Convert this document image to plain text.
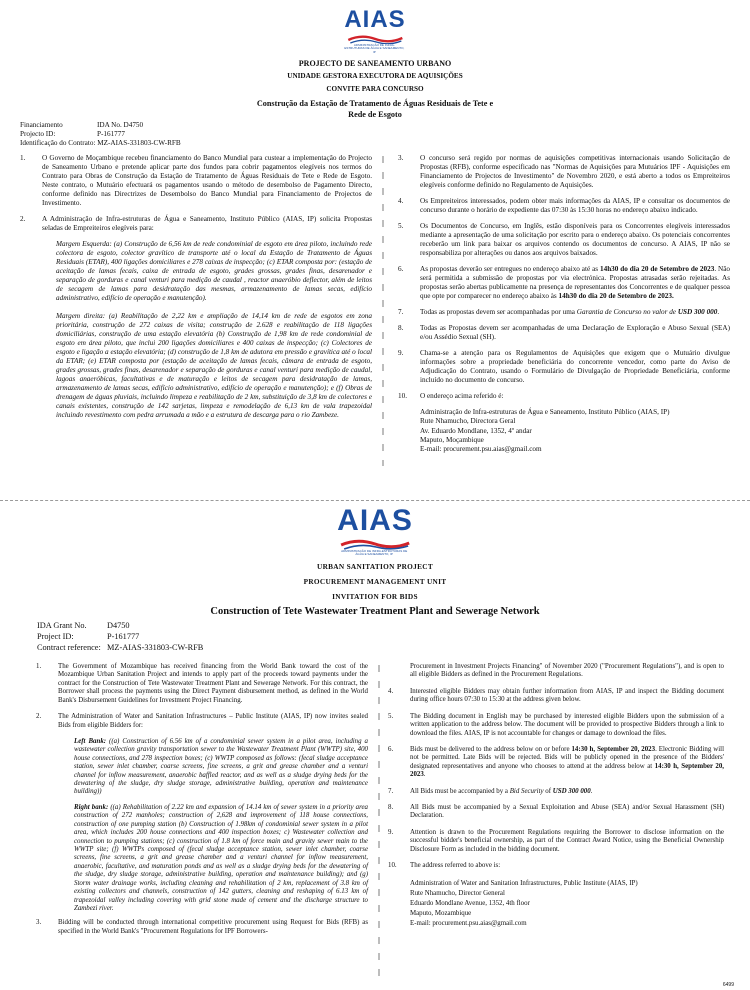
AIAS
ADMINISTRAÇÃO DE INFRA-ESTRUTURAS DE ÁGUA E SANEAMENTO, IP
PROJECTO DE SANEAMENTO URBANO
UNIDADE GESTORA EXECUTORA DE AQUISIÇÕES
CONVITE PARA CONCURSO
Construção da Estação de Tratamento de Águas Residuais de Tete e
Rede de Esgoto
Financiamento	IDA No. D4750
Projecto ID:	P-161777
Identificação do Contrato: MZ-AIAS-331803-CW-RFB
1.	O Governo de Moçambique recebeu financiamento do Banco Mundial para custear a implementação do Projecto de Saneamento Urbano e pretende aplicar parte dos fundos para cobrir pagamentos elegíveis nos termos do Contrato para Obras de Construção da Estação de Tratamento de Águas Residuais de Tete e Rede de Esgoto. Neste contrato, o Mutuário efectuará os pagamentos usando o método de desembolso de Pagamento Directo, conforme definido nas Directrizes de Desembolso do Banco Mundial para Financiamento de Projectos de Investimento.
2.	A Administração de Infra-estruturas de Água e Saneamento, Instituto Público (AIAS, IP) solicita Propostas seladas de Empreiteiros elegíveis para:
Margem Esquerda: (a) Construção de 6,56 km de rede condominial de esgoto em área piloto, incluindo rede colectora de esgoto, colector gravítico de transporte até o local da Estação de Tratamento de Águas Residuais (ETAR), 400 ligações domiciliares e 278 caixas de inspecção; (c) ETAR composta por: (estação de aceitação de lamas fecais, caixa de entrada de esgoto, grades grossas, grades finas, desarenador e separação de gorduras e canal venturi para medição de caudal , reactor anaeróbio deflector, além de leitos de secagem de lamas para desidratação das mesmas, armazenamento de lamas secas, edifício administrativo, edifício de operação e manutenção).
Margem direita: (a) Reabilitação de 2,22 km e ampliação de 14,14 km de rede de esgotos em zona prioritária, construção de 272 caixas de visita; construção de 2.628 e reabilitação de 118 ligações domiciliárias, construção de uma estação elevatória (b) Construção de 1,98 km de rede condominial de esgoto em área piloto, que inclui 200 ligações domiciliares e 400 caixas de inspecção; (c) Colectores de esgoto e ligação a estação elevatória; (d) construção de 1,8 km de adutora em pressão e gravítica até o local da ETAR; (e) ETAR composta por (estação de aceitação de lamas fecais, câmara de entrada de esgoto, grades grossas, grades finas, desarenador e separação de gorduras e canal venturi para medição de caudal, lagoas anaeróbicas, facultativas e de maturação e leitos de secagem para desidratação de lamas, armazenamento de lamas secas, edifício administrativo, edifício de operação e manutenção); e (f) Obras de drenagem de águas pluviais, incluindo limpeza e reabilitação de 2 km, substituição de 3,8 km de colectores e canais existentes, construção de 142 sarjetas, limpeza e remodelação de 6,13 km de vala trapezoidal incluindo revestimento com pedra arrumada a mão e a estrutura de descarga para o rio Zambeze.
3.	O concurso será regido por normas de aquisições competitivas internacionais usando Solicitação de Propostas (RFB), conforme especificado nas "Normas de Aquisições para Mutuários IPF - Aquisições em Financiamento de Projectos de Investimento" de Novembro 2020, e está aberto a todos os Empreiteiros elegíveis conforme definido no Regulamento de Aquisições.
4.	Os Empreiteiros interessados, podem obter mais informações da AIAS, IP e consultar os documentos de concurso durante o horário de expediente das 07:30 às 15:30 horas no endereço abaixo indicado.
5.	Os Documentos de Concurso, em Inglês, estão disponíveis para os Concorrentes elegíveis interessados mediante a apresentação de uma solicitação por escrito para o endereço abaixo. Os potenciais concorrentes receberão um link para baixar os arquivos contendo os documentos de concurso. A AIAS, IP não se responsabiliza por alterações ou danos aos arquivos baixados.
6.	As propostas deverão ser entregues no endereço abaixo até as 14h30 do dia 20 de Setembro de 2023. Não será permitida a submissão de propostas por via electrónica. Propostas atrasadas serão rejeitadas. As propostas serão abertas publicamente na presença de representantes dos Concorrentes e de qualquer pessoa que opte por comparecer no endereço abaixo às 14h30 do dia 20 de Setembro de 2023.
7.	Todas as propostas devem ser acompanhadas por uma Garantia de Concurso no valor de USD 300 000.
8.	Todas as Propostas devem ser acompanhadas de uma Declaração de Exploração e Abuso Sexual (SEA) e/ou Assédio Sexual (SH).
9.	Chama-se a atenção para os Regulamentos de Aquisições que exigem que o Mutuário divulgue informações sobre a propriedade beneficiária do concorrente vencedor, como parte do Aviso de Adjudicação do Contrato, usando o Formulário de Divulgação de Propriedade Beneficiária, conforme incluído no documento de concurso.
10.	O endereço acima referido é:
Administração de Infra-estruturas de Água e Saneamento, Instituto Público (AIAS, IP)
Rute Nhamucho, Directora Geral
Av. Eduardo Mondlane, 1352, 4º andar
Maputo, Moçambique
E-mail: procurement.psu.aias@gmail.com
AIAS
ADMINISTRAÇÃO DE INFRA-ESTRUTURAS DE ÁGUA E SANEAMENTO, IP
URBAN SANITATION PROJECT
PROCUREMENT MANAGEMENT UNIT
INVITATION FOR BIDS
Construction of Tete Wastewater Treatment Plant and Sewerage Network
IDA Grant No. D4750
Project ID:	P-161777
Contract reference: MZ-AIAS-331803-CW-RFB
1.	The Government of Mozambique has received financing from the World Bank toward the cost of the Mozambique Urban Sanitation Project and intends to apply part of the proceeds toward payments under the contract for the Construction of Tete Wastewater Treatment Plant and Sewerage Network. For this contract, the Borrower shall process the payments using the Direct Payment disbursement method, as defined in the World Bank's Disbursement Guidelines for Investment Project Financing.
2.	The Administration of Water and Sanitation Infrastructures – Public Institute (AIAS, IP) now invites sealed Bids from eligible Bidders for:
Left Bank: ((a) Construction of 6.56 km of a condominial sewer system in a pilot area, including a wastewater collection gravity transportation sewer to the Wastewater Treatment Plant (WWTP) site, 400 house connections, and 278 inspection boxes; (c) WWTP composed as follows: (fecal sludge acceptance station, sewer inlet chamber, coarse screens, fine screens, a grit and grease chamber and a venturi channel for inflow measurement, anaerobic baffled reactor, and as well as a sludge drying beds for the dewatering of the sludge, dry sludge storage, administrative building, operation and maintenance building))
Right bank: ((a) Rehabilitation of 2.22 km and expansion of 14.14 km of sewer system in a priority area construction of 272 manholes; construction of 2,628 and improvement of 118 house connections, construction of one pumping station (b) Construction of 1.98km of condominial sewer system in a pilot area, which includes 200 house connections and 400 inspection boxes; c) Wastewater collection and connection to pumping stations; (c) construction of 1.8 km of force main and gravity sewer main to the WWTP site; (f) WWTPs composed of (fecal sludge acceptance station, sewer inlet chamber, coarse screens, fine screens, a grit and grease chamber and a venturi channel for inflow measurement, anaerobic, facultative, and maturation ponds and as well as a sludge drying beds for the dewatering of the sludge, dry sludge storage, administrative building, operation and maintenance building); and (g) Storm water drainage works, including cleaning and rehabilitation of 2 km, replacement of 3.8 km of existing collectors and channels, construction of 142 gutters, cleaning and reshaping of 6.13 km of trapezoidal valley including covering with grid stone made of cement and the discharge structure to Zambezi river.
3.	Bidding will be conducted through international competitive procurement using Request for Bids (RFB) as specified in the World Bank's "Procurement Regulations for IPF Borrowers-
Procurement in Investment Projects Financing" of November 2020 ("Procurement Regulations"), and is open to all eligible Bidders as defined in the Procurement Regulations.
4.	Interested eligible Bidders may obtain further information from AIAS, IP and inspect the Bidding document during office hours 07:30 to 15:30 at the address given below.
5.	The Bidding document in English may be purchased by interested eligible Bidders upon the submission of a written application to the address below. The document will be provided to prospective Bidders through a link to download the files. AIAS, IP is not accountable for changes or damage to download the files.
6.	Bids must be delivered to the address below on or before 14:30 h, September 20, 2023. Electronic Bidding will not be permitted. Late Bids will be rejected. Bids will be publicly opened in the presence of the Bidders' designated representatives and anyone who chooses to attend at the address below at 14:30 h, September 20, 2023.
7.	All Bids must be accompanied by a Bid Security of USD 300 000.
8.	All Bids must be accompanied by a Sexual Exploitation and Abuse (SEA) and/or Sexual Harassment (SH) Declaration.
9.	Attention is drawn to the Procurement Regulations requiring the Borrower to disclose information on the successful bidder's beneficial ownership, as part of the Contract Award Notice, using the Beneficial Ownership Disclosure Form as included in the bidding document.
10.	The address referred to above is:
Administration of Water and Sanitation Infrastructures, Public Institute (AIAS, IP)
Rute Nhamucho, Director General
Eduardo Mondlane Avenue, 1352, 4th floor
Maputo, Mozambique
E-mail: procurement.psu.aias@gmail.com
6499
